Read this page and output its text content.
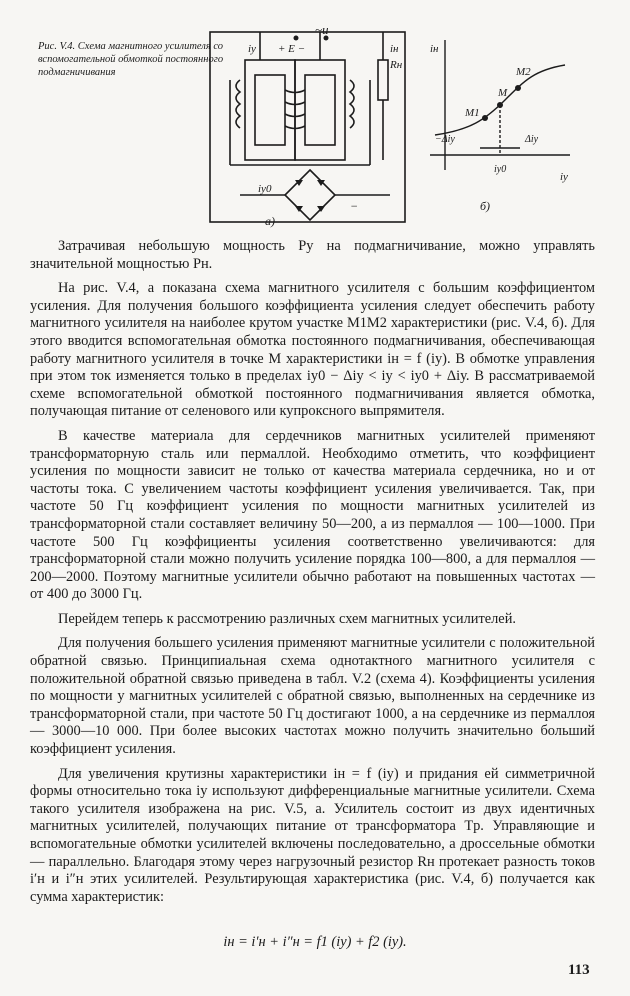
Рис. V.4. Схема магнитного усилителя со вспомогательной обмоткой постоянного подмагничивания
~u
iу + E −	iн
Rн
iу0
−
а)
iн
iу
M1
M
M2
−Δiу	Δiу
iу0
б)

Затрачивая небольшую мощность Pу на подмагничивание, можно управлять значительной мощностью Pн.

На рис. V.4, а показана схема магнитного усилителя с большим коэффициентом усиления. Для получения большого коэффициента усиления следует обеспечить работу магнитного усилителя на наиболее крутом участке M1M2 характеристики (рис. V.4, б). Для этого вводится вспомогательная обмотка постоянного подмагничивания, обеспечивающая работу магнитного усилителя в точке M характеристики iн = f (iу). В обмотке управления при этом ток изменяется только в пределах iу0 − Δiу < iу < iу0 + Δiу. В рассматриваемой схеме вспомогательной обмоткой постоянного подмагничивания является обмотка, получающая питание от селенового или купроксного выпрямителя.

В качестве материала для сердечников магнитных усилителей применяют трансформаторную сталь или пермаллой. Необходимо отметить, что коэффициент усиления по мощности зависит не только от качества материала сердечника, но и от частоты тока. С увеличением частоты коэффициент усиления увеличивается. Так, при частоте 50 Гц коэффициент усиления по мощности магнитных усилителей из трансформаторной стали составляет величину 50—200, а из пермаллоя — 100—1000. При частоте 500 Гц коэффициенты усиления соответственно увеличиваются: для трансформаторной стали можно получить усиление порядка 100—800, а для пермаллоя — 200—2000. Поэтому магнитные усилители обычно работают на повышенных частотах — от 400 до 3000 Гц.

Перейдем теперь к рассмотрению различных схем магнитных усилителей.

Для получения большего усиления применяют магнитные усилители с положительной обратной связью. Принципиальная схема однотактного магнитного усилителя с положительной обратной связью приведена в табл. V.2 (схема 4). Коэффициенты усиления по мощности у магнитных усилителей с обратной связью, выполненных на сердечнике из трансформаторной стали, при частоте 50 Гц достигают 1000, а на сердечнике из пермаллоя — 3000—10 000. При более высоких частотах можно получить значительно больший коэффициент усиления.

Для увеличения крутизны характеристики iн = f (iу) и придания ей симметричной формы относительно тока iу используют дифференциальные магнитные усилители. Схема такого усилителя изображена на рис. V.5, а. Усилитель состоит из двух идентичных магнитных усилителей, получающих питание от трансформатора Tр. Управляющие и вспомогательные обмотки усилителей включены последовательно, а дроссельные обмотки — параллельно. Благодаря этому через нагрузочный резистор Rн протекает разность токов i′н и i″н этих усилителей. Результирующая характеристика (рис. V.4, б) получается как сумма характеристик:

iн = i′н + i″н = f1 (iу) + f2 (iу).
113
